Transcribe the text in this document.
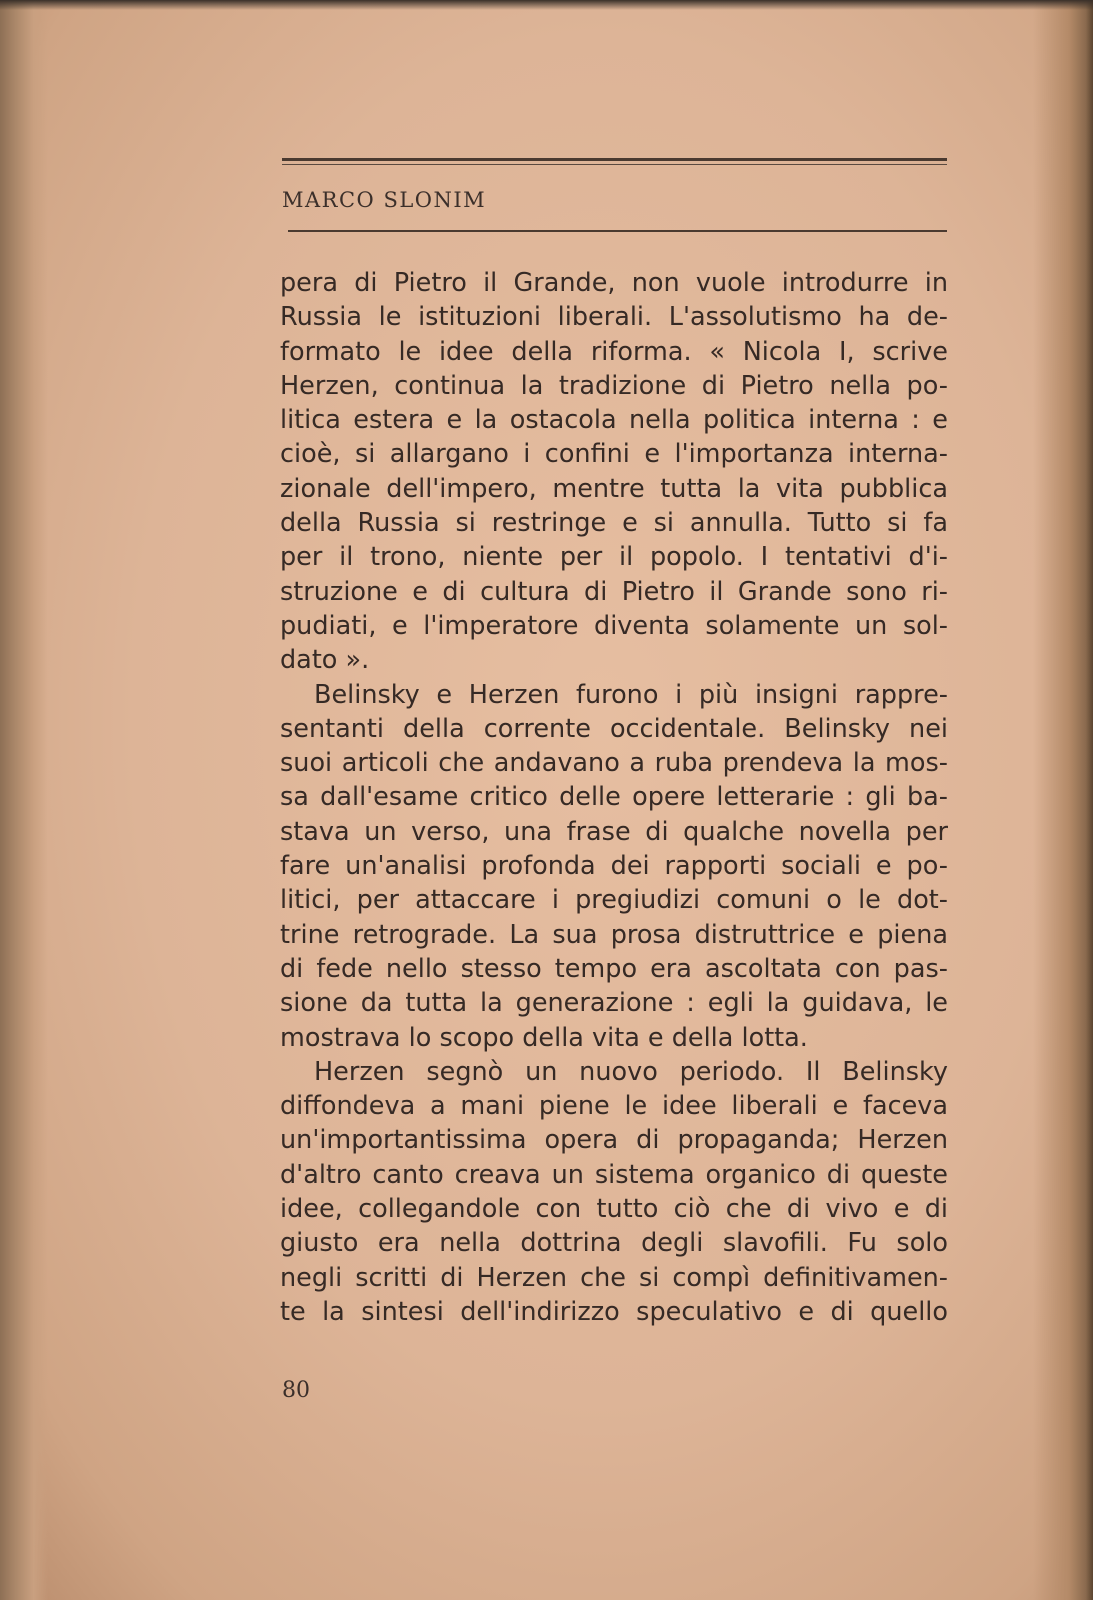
MARCO SLONIM
pera di Pietro il Grande, non vuole introdurre in
Russia le istituzioni liberali. L'assolutismo ha de-
formato le idee della riforma. « Nicola I, scrive
Herzen, continua la tradizione di Pietro nella po-
litica estera e la ostacola nella politica interna : e
cioè, si allargano i confini e l'importanza interna-
zionale dell'impero, mentre tutta la vita pubblica
della Russia si restringe e si annulla. Tutto si fa
per il trono, niente per il popolo. I tentativi d'i-
struzione e di cultura di Pietro il Grande sono ri-
pudiati, e l'imperatore diventa solamente un sol-
dato ».
Belinsky e Herzen furono i più insigni rappre-
sentanti della corrente occidentale. Belinsky nei
suoi articoli che andavano a ruba prendeva la mos-
sa dall'esame critico delle opere letterarie : gli ba-
stava un verso, una frase di qualche novella per
fare un'analisi profonda dei rapporti sociali e po-
litici, per attaccare i pregiudizi comuni o le dot-
trine retrograde. La sua prosa distruttrice e piena
di fede nello stesso tempo era ascoltata con pas-
sione da tutta la generazione : egli la guidava, le
mostrava lo scopo della vita e della lotta.
Herzen segnò un nuovo periodo. Il Belinsky
diffondeva a mani piene le idee liberali e faceva
un'importantissima opera di propaganda; Herzen
d'altro canto creava un sistema organico di queste
idee, collegandole con tutto ciò che di vivo e di
giusto era nella dottrina degli slavofili. Fu solo
negli scritti di Herzen che si compì definitivamen-
te la sintesi dell'indirizzo speculativo e di quello
80
